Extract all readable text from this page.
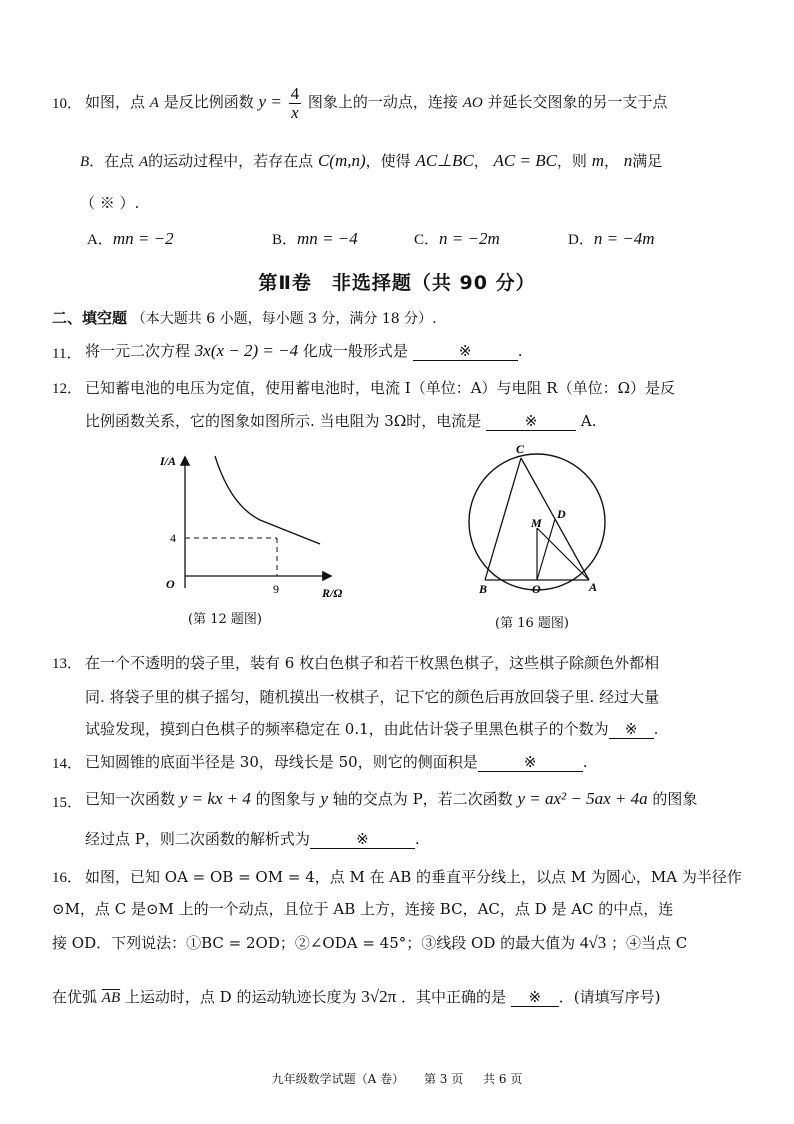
10． 如图，点 A 是反比例函数 $y = \frac{4}{x}$ 图象上的一动点，连接 AO 并延长交图象的另一支于点
B．在点 A的运动过程中，若存在点 C(m,n)，使得 AC⊥BC， AC = BC，则 m， n满足
（ ※ ）.
A．mn = −2	B．mn = −4	C．n = −2m	D．n = −4m
第Ⅱ卷　非选择题（共 90 分）
二、填空题 （本大题共 6 小题，每小题 3 分，满分 18 分）.
11． 将一元二次方程 3x(x − 2) = −4 化成一般形式是	※	.
12． 已知蓄电池的电压为定值，使用蓄电池时，电流 I（单位：A）与电阻 R（单位：Ω）是反
比例函数关系，它的图象如图所示. 当电阻为 3Ω时，电流是	※	A.
I/A
4
O	9	R/Ω
(第 12 题图)
C
M
D
B	O	A
(第 16 题图)
13． 在一个不透明的袋子里，装有 6 枚白色棋子和若干枚黑色棋子，这些棋子除颜色外都相
同. 将袋子里的棋子摇匀，随机摸出一枚棋子，记下它的颜色后再放回袋子里. 经过大量
试验发现，摸到白色棋子的频率稳定在 0.1，由此估计袋子里黑色棋子的个数为 ※ .
14． 已知圆锥的底面半径是 30，母线长是 50，则它的侧面积是	※	.
15． 已知一次函数 y = kx + 4 的图象与 y 轴的交点为 P，若二次函数 y = ax² − 5ax + 4a 的图象
经过点 P，则二次函数的解析式为	※	.
16． 如图，已知 OA = OB = OM = 4，点 M 在 AB 的垂直平分线上，以点 M 为圆心，MA 为半径作
⊙M，点 C 是⊙M 上的一个动点，且位于 AB 上方，连接 BC，AC，点 D 是 AC 的中点，连
接 OD．下列说法：①BC = 2OD；②∠ODA = 45°；③线段 OD 的最大值为 4√3 ；④当点 C
在优弧 $\overline{AB}$ 上运动时，点 D 的运动轨迹长度为 3√2π ．其中正确的是 ※ ．(请填写序号)
九年级数学试题（A 卷） 第 3 页 共 6 页
